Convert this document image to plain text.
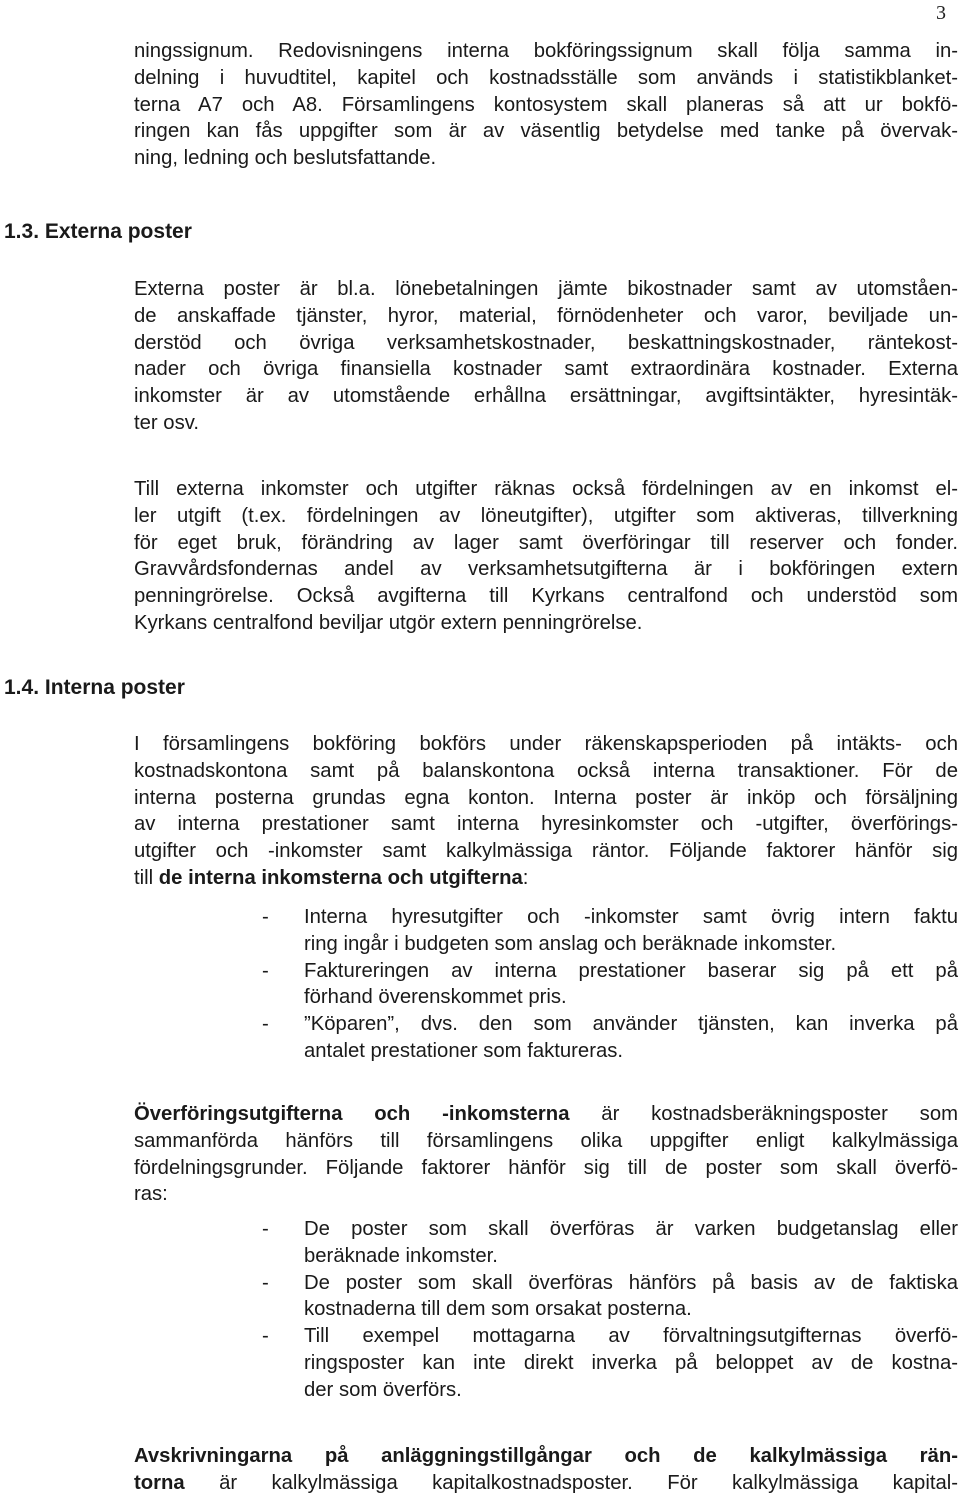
3
ningssignum. Redovisningens interna bokföringssignum skall följa samma in-
delning i huvudtitel, kapitel och kostnadsställe som används i statistikblanket-
terna A7 och A8. Församlingens kontosystem skall planeras så att ur bokfö-
ringen kan fås uppgifter som är av väsentlig betydelse med tanke på övervak-
ning, ledning och beslutsfattande.
1.3. Externa poster
Externa poster är bl.a. lönebetalningen jämte bikostnader samt av utomståen-
de anskaffade tjänster, hyror, material, förnödenheter och varor, beviljade un-
derstöd och övriga verksamhetskostnader, beskattningskostnader, räntekost-
nader och övriga finansiella kostnader samt extraordinära kostnader. Externa
inkomster är av utomstående erhållna ersättningar, avgiftsintäkter, hyresintäk-
ter osv.
Till externa inkomster och utgifter räknas också fördelningen av en inkomst el-
ler utgift (t.ex. fördelningen av löneutgifter), utgifter som aktiveras, tillverkning
för eget bruk, förändring av lager samt överföringar till reserver och fonder.
Gravvårdsfondernas andel av verksamhetsutgifterna är i bokföringen extern
penningrörelse. Också avgifterna till Kyrkans centralfond och understöd som
Kyrkans centralfond beviljar utgör extern penningrörelse.
1.4. Interna poster
I församlingens bokföring bokförs under räkenskapsperioden på intäkts- och
kostnadskontona samt på balanskontona också interna transaktioner. För de
interna posterna grundas egna konton. Interna poster är inköp och försäljning
av interna prestationer samt interna hyresinkomster och -utgifter, överförings-
utgifter och -inkomster samt kalkylmässiga räntor. Följande faktorer hänför sig
till de interna inkomsterna och utgifterna:
- Interna hyresutgifter och -inkomster samt övrig intern faktu
ring ingår i budgeten som anslag och beräknade inkomster.
- Faktureringen av interna prestationer baserar sig på ett på
förhand överenskommet pris.
- ”Köparen”, dvs. den som använder tjänsten, kan inverka på
antalet prestationer som faktureras.
Överföringsutgifterna och -inkomsterna är kostnadsberäkningsposter som
sammanförda hänförs till församlingens olika uppgifter enligt kalkylmässiga
fördelningsgrunder. Följande faktorer hänför sig till de poster som skall överfö-
ras:
- De poster som skall överföras är varken budgetanslag eller
beräknade inkomster.
- De poster som skall överföras hänförs på basis av de faktiska
kostnaderna till dem som orsakat posterna.
- Till exempel mottagarna av förvaltningsutgifternas överfö-
ringsposter kan inte direkt inverka på beloppet av de kostna-
der som överförs.
Avskrivningarna på anläggningstillgångar och de kalkylmässiga rän-
torna är kalkylmässiga kapitalkostnadsposter. För kalkylmässiga kapital-
